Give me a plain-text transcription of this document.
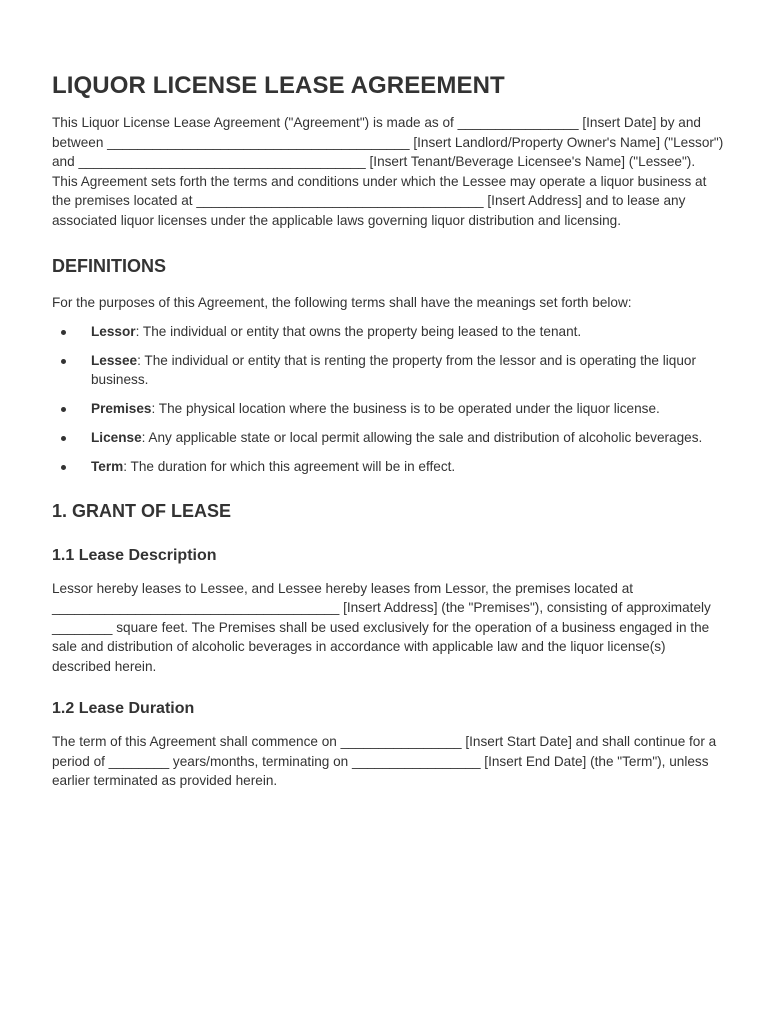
LIQUOR LICENSE LEASE AGREEMENT

This Liquor License Lease Agreement ("Agreement") is made as of ________________ [Insert Date] by and between ________________________________________ [Insert Landlord/Property Owner's Name] ("Lessor") and ______________________________________ [Insert Tenant/Beverage Licensee's Name] ("Lessee"). This Agreement sets forth the terms and conditions under which the Lessee may operate a liquor business at the premises located at ______________________________________ [Insert Address] and to lease any associated liquor licenses under the applicable laws governing liquor distribution and licensing.

DEFINITIONS

For the purposes of this Agreement, the following terms shall have the meanings set forth below:

Lessor: The individual or entity that owns the property being leased to the tenant.
Lessee: The individual or entity that is renting the property from the lessor and is operating the liquor business.
Premises: The physical location where the business is to be operated under the liquor license.
License: Any applicable state or local permit allowing the sale and distribution of alcoholic beverages.
Term: The duration for which this agreement will be in effect.
1. GRANT OF LEASE
1.1 Lease Description

Lessor hereby leases to Lessee, and Lessee hereby leases from Lessor, the premises located at ______________________________________ [Insert Address] (the "Premises"), consisting of approximately ________ square feet. The Premises shall be used exclusively for the operation of a business engaged in the sale and distribution of alcoholic beverages in accordance with applicable law and the liquor license(s) described herein.

1.2 Lease Duration

The term of this Agreement shall commence on ________________ [Insert Start Date] and shall continue for a period of ________ years/months, terminating on _________________ [Insert End Date] (the "Term"), unless earlier terminated as provided herein.
